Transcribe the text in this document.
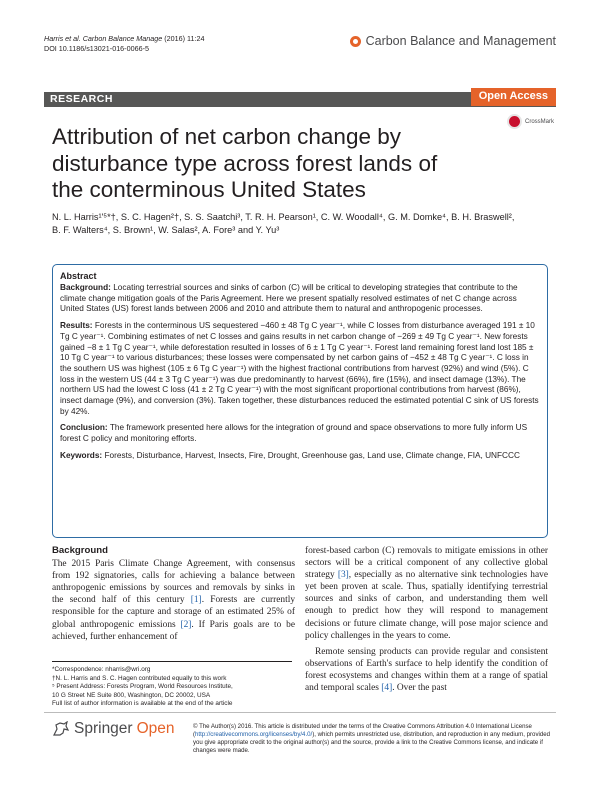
Harris et al. Carbon Balance Manage (2016) 11:24
DOI 10.1186/s13021-016-0066-5	Carbon Balance and Management
RESEARCH	Open Access
CrossMark
Attribution of net carbon change by disturbance type across forest lands of the conterminous United States
N. L. Harris¹ʹ⁵*†, S. C. Hagen²†, S. S. Saatchi³, T. R. H. Pearson¹, C. W. Woodall⁴, G. M. Domke⁴, B. H. Braswell²,
B. F. Walters⁴, S. Brown¹, W. Salas², A. Fore³ and Y. Yu³
Abstract

Background: Locating terrestrial sources and sinks of carbon (C) will be critical to developing strategies that contribute to the climate change mitigation goals of the Paris Agreement. Here we present spatially resolved estimates of net C change across United States (US) forest lands between 2006 and 2010 and attribute them to natural and anthropogenic processes.

Results: Forests in the conterminous US sequestered −460 ± 48 Tg C year⁻¹, while C losses from disturbance averaged 191 ± 10 Tg C year⁻¹. Combining estimates of net C losses and gains results in net carbon change of −269 ± 49 Tg C year⁻¹. New forests gained −8 ± 1 Tg C year⁻¹, while deforestation resulted in losses of 6 ± 1 Tg C year⁻¹. Forest land remaining forest land lost 185 ± 10 Tg C year⁻¹ to various disturbances; these losses were compensated by net carbon gains of −452 ± 48 Tg C year⁻¹. C loss in the southern US was highest (105 ± 6 Tg C year⁻¹) with the highest fractional contributions from harvest (92%) and wind (5%). C loss in the western US (44 ± 3 Tg C year⁻¹) was due predominantly to harvest (66%), fire (15%), and insect damage (13%). The northern US had the lowest C loss (41 ± 2 Tg C year⁻¹) with the most significant proportional contributions from harvest (86%), insect damage (9%), and conversion (3%). Taken together, these disturbances reduced the estimated potential C sink of US forests by 42%.

Conclusion: The framework presented here allows for the integration of ground and space observations to more fully inform US forest C policy and monitoring efforts.

Keywords: Forests, Disturbance, Harvest, Insects, Fire, Drought, Greenhouse gas, Land use, Climate change, FIA, UNFCCC

Background

The 2015 Paris Climate Change Agreement, with consensus from 192 signatories, calls for achieving a balance between anthropogenic emissions by sources and removals by sinks in the second half of this century [1]. Forests are currently responsible for the capture and storage of an estimated 25% of global anthropogenic emissions [2]. If Paris goals are to be achieved, further enhancement of

forest-based carbon (C) removals to mitigate emissions in other sectors will be a critical component of any collective global strategy [3], especially as no alternative sink technologies have yet been proven at scale. Thus, spatially identifying terrestrial sources and sinks of carbon, and understanding them well enough to predict how they will respond to management decisions or future climate change, will pose major science and policy challenges in the years to come.

Remote sensing products can provide regular and consistent observations of Earth's surface to help identify the condition of forest ecosystems and changes within them at a range of spatial and temporal scales [4]. Over the past

*Correspondence: nharris@wri.org
†N. L. Harris and S. C. Hagen contributed equally to this work
⁵ Present Address: Forests Program, World Resources Institute,
10 G Street NE Suite 800, Washington, DC 20002, USA
Full list of author information is available at the end of the article
Springer Open	© The Author(s) 2016. This article is distributed under the terms of the Creative Commons Attribution 4.0 International License (http://creativecommons.org/licenses/by/4.0/), which permits unrestricted use, distribution, and reproduction in any medium, provided you give appropriate credit to the original author(s) and the source, provide a link to the Creative Commons license, and indicate if changes were made.
